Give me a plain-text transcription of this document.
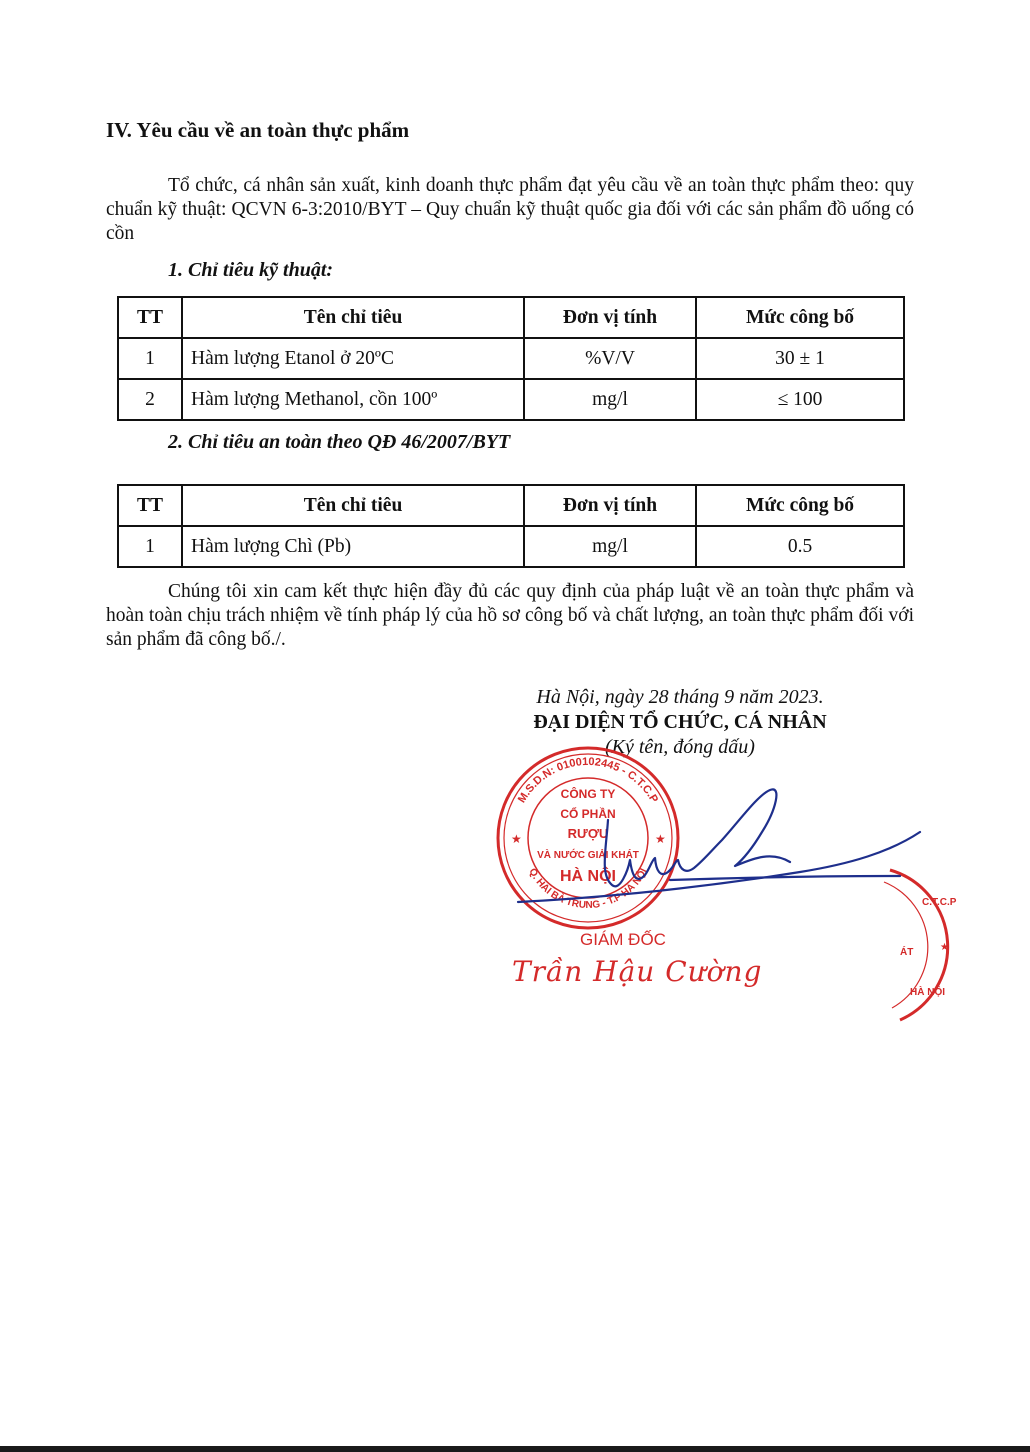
IV. Yêu cầu về an toàn thực phẩm

Tổ chức, cá nhân sản xuất, kinh doanh thực phẩm đạt yêu cầu về an toàn thực phẩm theo: quy chuẩn kỹ thuật: QCVN 6-3:2010/BYT – Quy chuẩn kỹ thuật quốc gia đối với các sản phẩm đồ uống có cồn

1. Chỉ tiêu kỹ thuật:

TT	Tên chỉ tiêu	Đơn vị tính	Mức công bố
1	Hàm lượng Etanol ở 20ºC	%V/V	30 ± 1
2	Hàm lượng Methanol, cồn 100º	mg/l	≤ 100

2. Chỉ tiêu an toàn theo QĐ 46/2007/BYT

TT	Tên chỉ tiêu	Đơn vị tính	Mức công bố
1	Hàm lượng Chì (Pb)	mg/l	0.5

Chúng tôi xin cam kết thực hiện đầy đủ các quy định của pháp luật về an toàn thực phẩm và hoàn toàn chịu trách nhiệm về tính pháp lý của hồ sơ công bố và chất lượng, an toàn thực phẩm đối với sản phẩm đã công bố./.

Hà Nội, ngày 28 tháng 9 năm 2023.
ĐẠI DIỆN TỔ CHỨC, CÁ NHÂN
(Ký tên, đóng dấu)
M.S.D.N: 0100102445 - C.T.C.P
Q. HAI BÀ TRUNG - T.P HÀ NỘI
CÔNG TY
CỔ PHẦN
RƯỢU
VÀ NƯỚC GIẢI KHÁT
HÀ NỘI
★	★
C.T.C.P
ÁT	★
HÀ NỘI
GIÁM ĐỐC
Trần Hậu Cường
